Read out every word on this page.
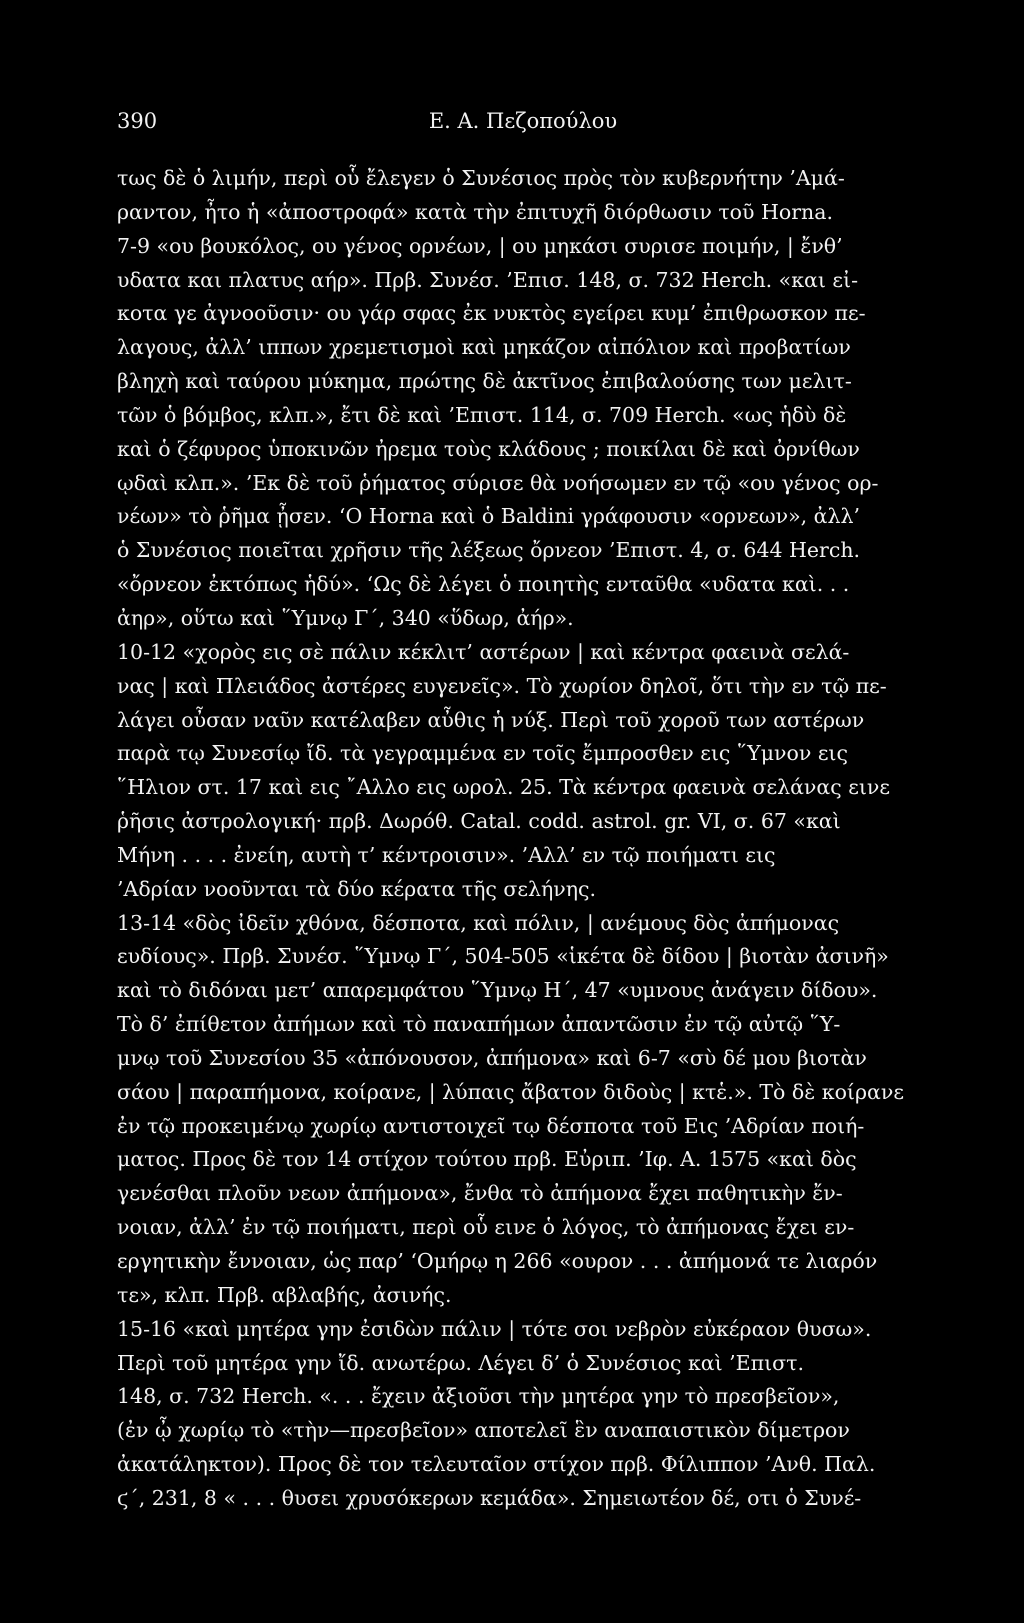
390	Ε. Α. Πεζοπούλου
τως δὲ ὁ λιμήν, περὶ οὗ ἔλεγεν ὁ Συνέσιος πρὸς τὸν κυβερνήτην ’Αμά-
ραντον, ἦτο ἡ «ἀποστροφά» κατὰ τὴν ἐπιτυχῆ διόρθωσιν τοῦ Horna.
7-9 «ου βουκόλος, ου γένος ορνέων, | ου μηκάσι συρισε ποιμήν, | ἔνθ’
υδατα και πλατυς αήρ». Πρβ. Συνέσ. ’Επισ. 148, σ. 732 Herch. «και εἰ-
κοτα γε ἀγνοοῦσιν· ου γάρ σφας ἐκ νυκτὸς εγείρει κυμ’ ἐπιθρωσκον πε-
λαγους, ἀλλ’ ιππων χρεμετισμοὶ καὶ μηκάζον αἰπόλιον καὶ προβατίων
βληχὴ καὶ ταύρου μύκημα, πρώτης δὲ ἀκτῖνος ἐπιβαλούσης των μελιτ-
τῶν ὁ βόμβος, κλπ.», ἔτι δὲ καὶ ’Επιστ. 114, σ. 709 Herch. «ως ἡδὺ δὲ
καὶ ὁ ζέφυρος ὑποκινῶν ἠρεμα τοὺς κλάδους ; ποικίλαι δὲ καὶ ὀρνίθων
ῳδαὶ κλπ.». ’Εκ δὲ τοῦ ῥήματος σύρισε θὰ νοήσωμεν εν τῷ «ου γένος ορ-
νέων» τὸ ῥῆμα ᾖσεν. ‘Ο Horna καὶ ὁ Baldini γράφουσιν «ορνεων», ἀλλ’
ὁ Συνέσιος ποιεῖται χρῆσιν τῆς λέξεως ὄρνεον ’Επιστ. 4, σ. 644 Herch.
«ὄρνεον ἐκτόπως ἡδύ». ‘Ως δὲ λέγει ὁ ποιητὴς ενταῦθα «υδατα καὶ. . .
ἀηρ», οὕτω καὶ ῞Υμνῳ Γ΄, 340 «ὕδωρ, ἀήρ».
10-12 «χορὸς εις σὲ πάλιν κέκλιτ’ αστέρων | καὶ κέντρα φαεινὰ σελά-
νας | καὶ Πλειάδος ἀστέρες ευγενεῖς». Τὸ χωρίον δηλοῖ, ὅτι τὴν εν τῷ πε-
λάγει οὖσαν ναῦν κατέλαβεν αὖθις ἡ νύξ. Περὶ τοῦ χοροῦ των αστέρων
παρὰ τῳ Συνεσίῳ ἴδ. τὰ γεγραμμένα εν τοῖς ἔμπροσθεν εις ῞Υμνον εις
῞Ηλιον στ. 17 καὶ εις ῎Αλλο εις ωρολ. 25. Τὰ κέντρα φαεινὰ σελάνας εινε
ῥῆσις ἀστρολογική· πρβ. Δωρόθ. Catal. codd. astrol. gr. VI, σ. 67 «καὶ
Μήνη . . . . ἐνείη, αυτὴ τ’ κέντροισιν». ’Αλλ’ εν τῷ ποιήματι εις
’Αδρίαν νοοῦνται τὰ δύο κέρατα τῆς σελήνης.
13-14 «δὸς ἰδεῖν χθόνα, δέσποτα, καὶ πόλιν, | ανέμους δὸς ἀπήμονας
ευδίους». Πρβ. Συνέσ. ῞Υμνῳ Γ΄, 504-505 «ἱκέτα δὲ δίδου | βιοτὰν ἀσινῆ»
καὶ τὸ διδόναι μετ’ απαρεμφάτου ῞Υμνῳ Η΄, 47 «υμνους ἀνάγειν δίδου».
Τὸ δ’ ἐπίθετον ἀπήμων καὶ τὸ παναπήμων ἀπαντῶσιν ἐν τῷ αὐτῷ ῞Υ-
μνῳ τοῦ Συνεσίου 35 «ἀπόνουσον, ἀπήμονα» καὶ 6-7 «σὺ δέ μου βιοτὰν
σάου | παραπήμονα, κοίρανε, | λύπαις ἄβατον διδοὺς | κτἑ.». Τὸ δὲ κοίρανε
ἐν τῷ προκειμένῳ χωρίῳ αντιστοιχεῖ τῳ δέσποτα τοῦ Εις ’Αδρίαν ποιή-
ματος. Προς δὲ τον 14 στίχον τούτου πρβ. Εὐριπ. ’Ιφ. Α. 1575 «καὶ δὸς
γενέσθαι πλοῦν νεων ἀπήμονα», ἔνθα τὸ ἀπήμονα ἔχει παθητικὴν ἔν-
νοιαν, ἀλλ’ ἐν τῷ ποιήματι, περὶ οὗ εινε ὁ λόγος, τὸ ἀπήμονας ἔχει εν-
εργητικὴν ἔννοιαν, ὡς παρ’ ‘Ομήρῳ η 266 «ουρον . . . ἀπήμονά τε λιαρόν
τε», κλπ. Πρβ. αβλαβής, ἀσινής.
15-16 «καὶ μητέρα γην ἐσιδὼν πάλιν | τότε σοι νεβρὸν εὐκέραον θυσω».
Περὶ τοῦ μητέρα γην ἴδ. ανωτέρω. Λέγει δ’ ὁ Συνέσιος καὶ ’Επιστ.
148, σ. 732 Herch. «. . . ἔχειν ἀξιοῦσι τὴν μητέρα γην τὸ πρεσβεῖον»,
(ἐν ᾦ χωρίῳ τὸ «τὴν—πρεσβεῖον» αποτελεῖ ἓν αναπαιστικὸν δίμετρον
ἀκατάληκτον). Προς δὲ τον τελευταῖον στίχον πρβ. Φίλιππον ’Ανθ. Παλ.
ϛ΄, 231, 8 « . . . θυσει χρυσόκερων κεμάδα». Σημειωτέον δέ, οτι ὁ Συνέ-
